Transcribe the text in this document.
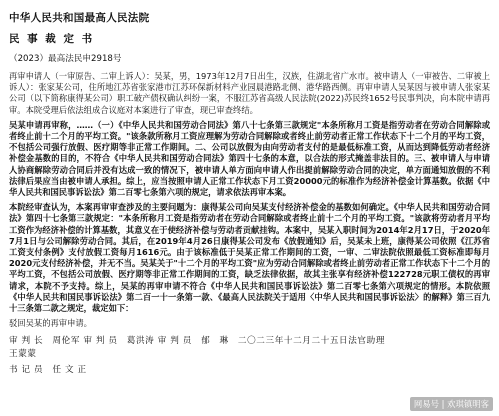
中华人民共和国最高人民法院
民 事 裁 定 书
（2023）最高法民申2918号

再审申请人（一审原告、二审上诉人）：吴某，男，1973年12月7日出生，汉族，住湖北省广水市。被申请人（一审被告、二审被上诉人）：张家某公司，住所地江苏省张家港市江苏环保新材料产业园晨港路北侧、港华路西侧。再审申请人吴某因与被申请人张家某公司（以下简称康得某公司）职工破产债权确认纠纷一案，不服江苏省高级人民法院(2022)苏民终1652号民事判决，向本院申请再审。本院受理后依法组成合议庭对本案进行了审查，现已审查终结。

吴某申请再审称，……（一）《中华人民共和国劳动合同法》第八十七条第三款规定"本条所称月工资是指劳动者在劳动合同解除或者终止前十二个月的平均工资。"该条款所称月工资应理解为劳动合同解除或者终止前劳动者正常工作状态下十二个月的平均工资，不包括公司强行放假、医疗期等非正常工作期间。二、公司以放假为由向劳动者支付的是最低标准工资，从而达到降低劳动者经济补偿金基数的目的，不符合《中华人民共和国劳动合同法》第四十七条的本意，以合法的形式掩盖非法目的。三、被申请人与申请人协商解除劳动合同后并没有达成一致的情况下，被申请人单方面向申请人作出提前解除劳动合同的决定，单方面通知放假的不利法律后果应当由被申请人承担。综上，应当按照申请人正常工作状态下月工资20000元的标准作为经济补偿金计算基数。依据《中华人民共和国民事诉讼法》第二百零七条第六项的规定，请求依法再审本案。

本院经审查认为，本案再审审查涉及的主要问题为：康得某公司向吴某支付经济补偿金的基数如何确定。《中华人民共和国劳动合同法》第四十七条第三款规定："本条所称月工资是指劳动者在劳动合同解除或者终止前十二个月的平均工资。"该款将劳动者月平均工资作为经济补偿的计算基数，其意义在于使经济补偿与劳动者贡献挂钩。本案中，吴某入职时间为2014年2月17日，于2020年7月1日与公司解除劳动合同。其后，在2019年4月26日康得某公司发布《放假通知》后，吴某未上班，康得某公司依照《江苏省工资支付条例》支付放假工资每月1616元。由于该标准低于吴某正常工作期间的工资，一审、二审法院依照最低工资标准即每月2020元支付经济补偿，并无不当。吴某关于"十二个月的平均工资"应为劳动合同解除或者终止前劳动者正常工作状态下十二个月的平均工资，不包括公司放假、医疗期等非正常工作期间的工资，缺乏法律依据，故其主张享有经济补偿122728元职工债权的再审请求，本院不予支持。综上，吴某的再审申请不符合《中华人民共和国民事诉讼法》第二百零七条第六项规定的情形。本院依照《中华人民共和国民事诉讼法》第二百一十一条第一款、《最高人民法院关于适用〈中华人民共和国民事诉讼法〉的解释》第三百九十三条第二款之规定，裁定如下：

驳回吴某的再审申请。

审 判 长　周伦军 审 判 员　葛洪涛 审 判 员　郁　琳　二〇二三年十二月二十五日法官助理
王蒙蒙
书 记 员　任 文 正
网易号 | 欢琪镇明客
